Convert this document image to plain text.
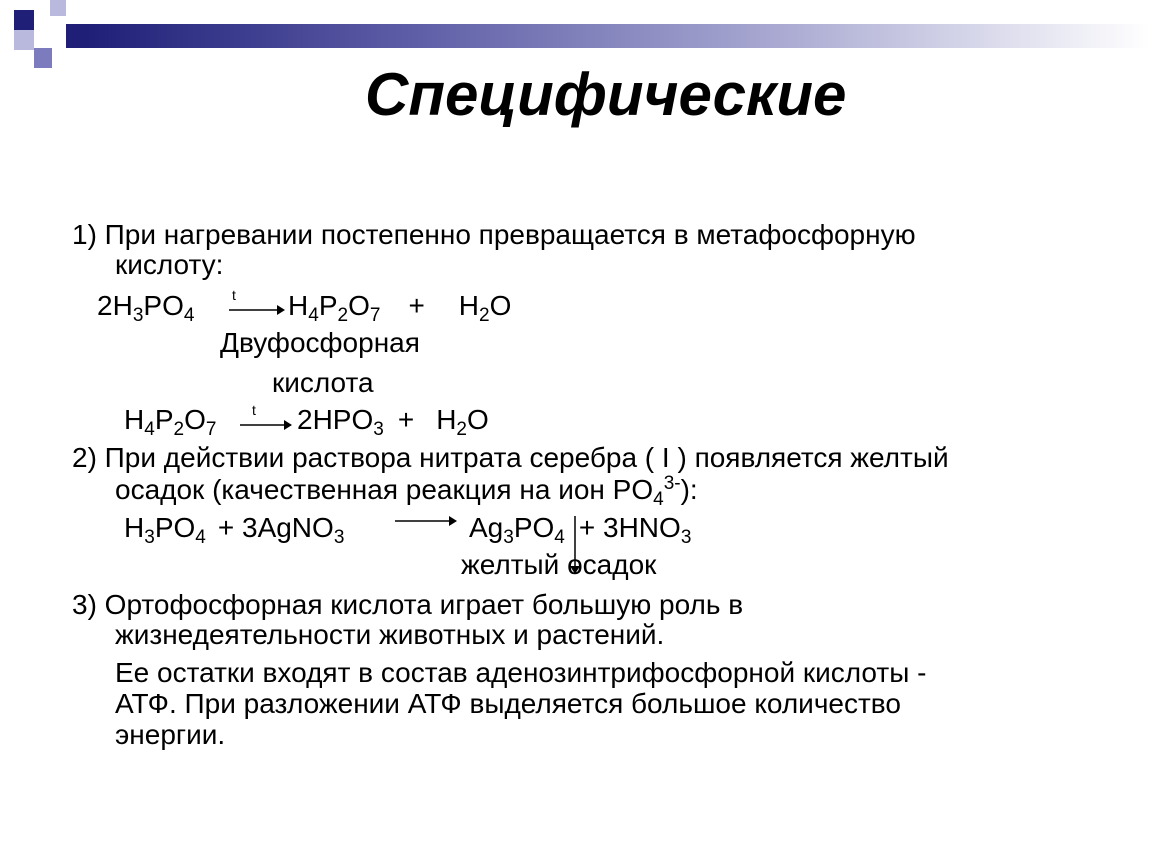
Специфические
1) При нагревании постепенно превращается в метафосфорную
кислоту:
$2H_3PO_4$
$t \to H_4P_2O_7 + H_2O$
Двуфосфорная
кислота
$H_4P_2O_7$
$t \to 2HPO_3 + H_2O$
2) При действии раствора нитрата серебра ( I ) появляется желтый
осадок (качественная реакция на ион $PO_4^{3-}$):
$H_3PO_4$ + 3AgNO$_3$ → $Ag_3PO_4 + 3HNO_3$
желтый осадок
3) Ортофосфорная кислота играет большую роль в
жизнедеятельности животных и растений.
Ее остатки входят в состав аденозинтрифосфорной кислоты -
АТФ. При разложении АТФ выделяется большое количество
энергии.
